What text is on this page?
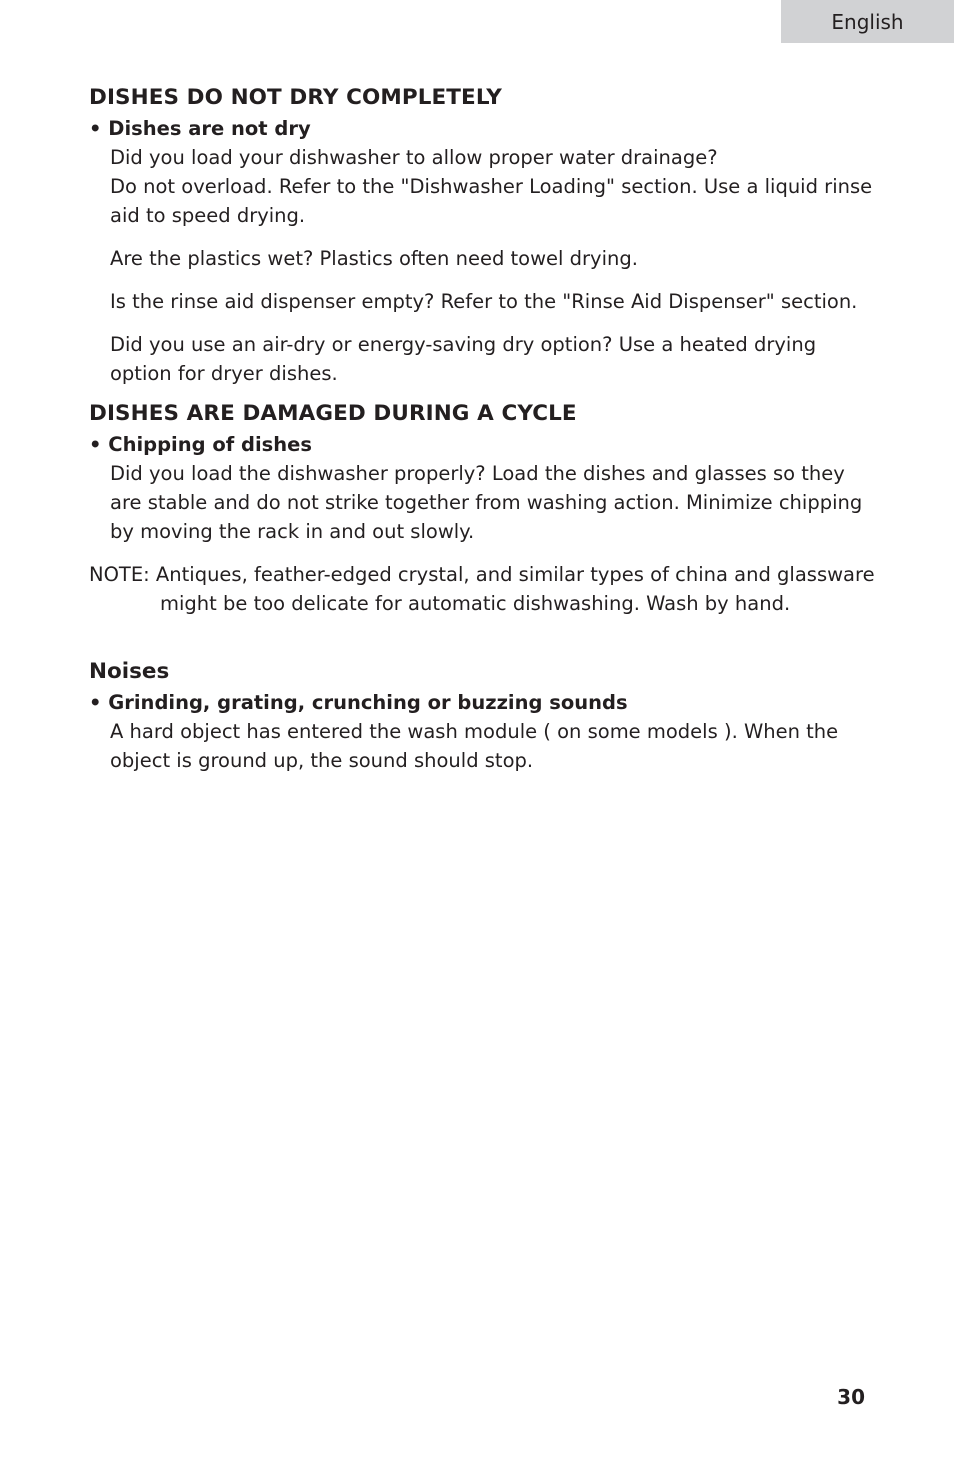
English
DISHES DO NOT DRY COMPLETELY
• Dishes are not dry

Did you load your dishwasher to allow proper water drainage?
Do not overload. Refer to the "Dishwasher Loading" section. Use a liquid rinse aid to speed drying.

Are the plastics wet? Plastics often need towel drying.

Is the rinse aid dispenser empty? Refer to the "Rinse Aid Dispenser" section.

Did you use an air-dry or energy-saving dry option? Use a heated drying option for dryer dishes.

DISHES ARE DAMAGED DURING A CYCLE
• Chipping of dishes

Did you load the dishwasher properly? Load the dishes and glasses so they are stable and do not strike together from washing action. Minimize chipping by moving the rack in and out slowly.

NOTE: Antiques, feather-edged crystal, and similar types of china and glassware might be too delicate for automatic dishwashing. Wash by hand.

Noises
• Grinding, grating, crunching or buzzing sounds

A hard object has entered the wash module ( on some models ). When the object is ground up, the sound should stop.

30
